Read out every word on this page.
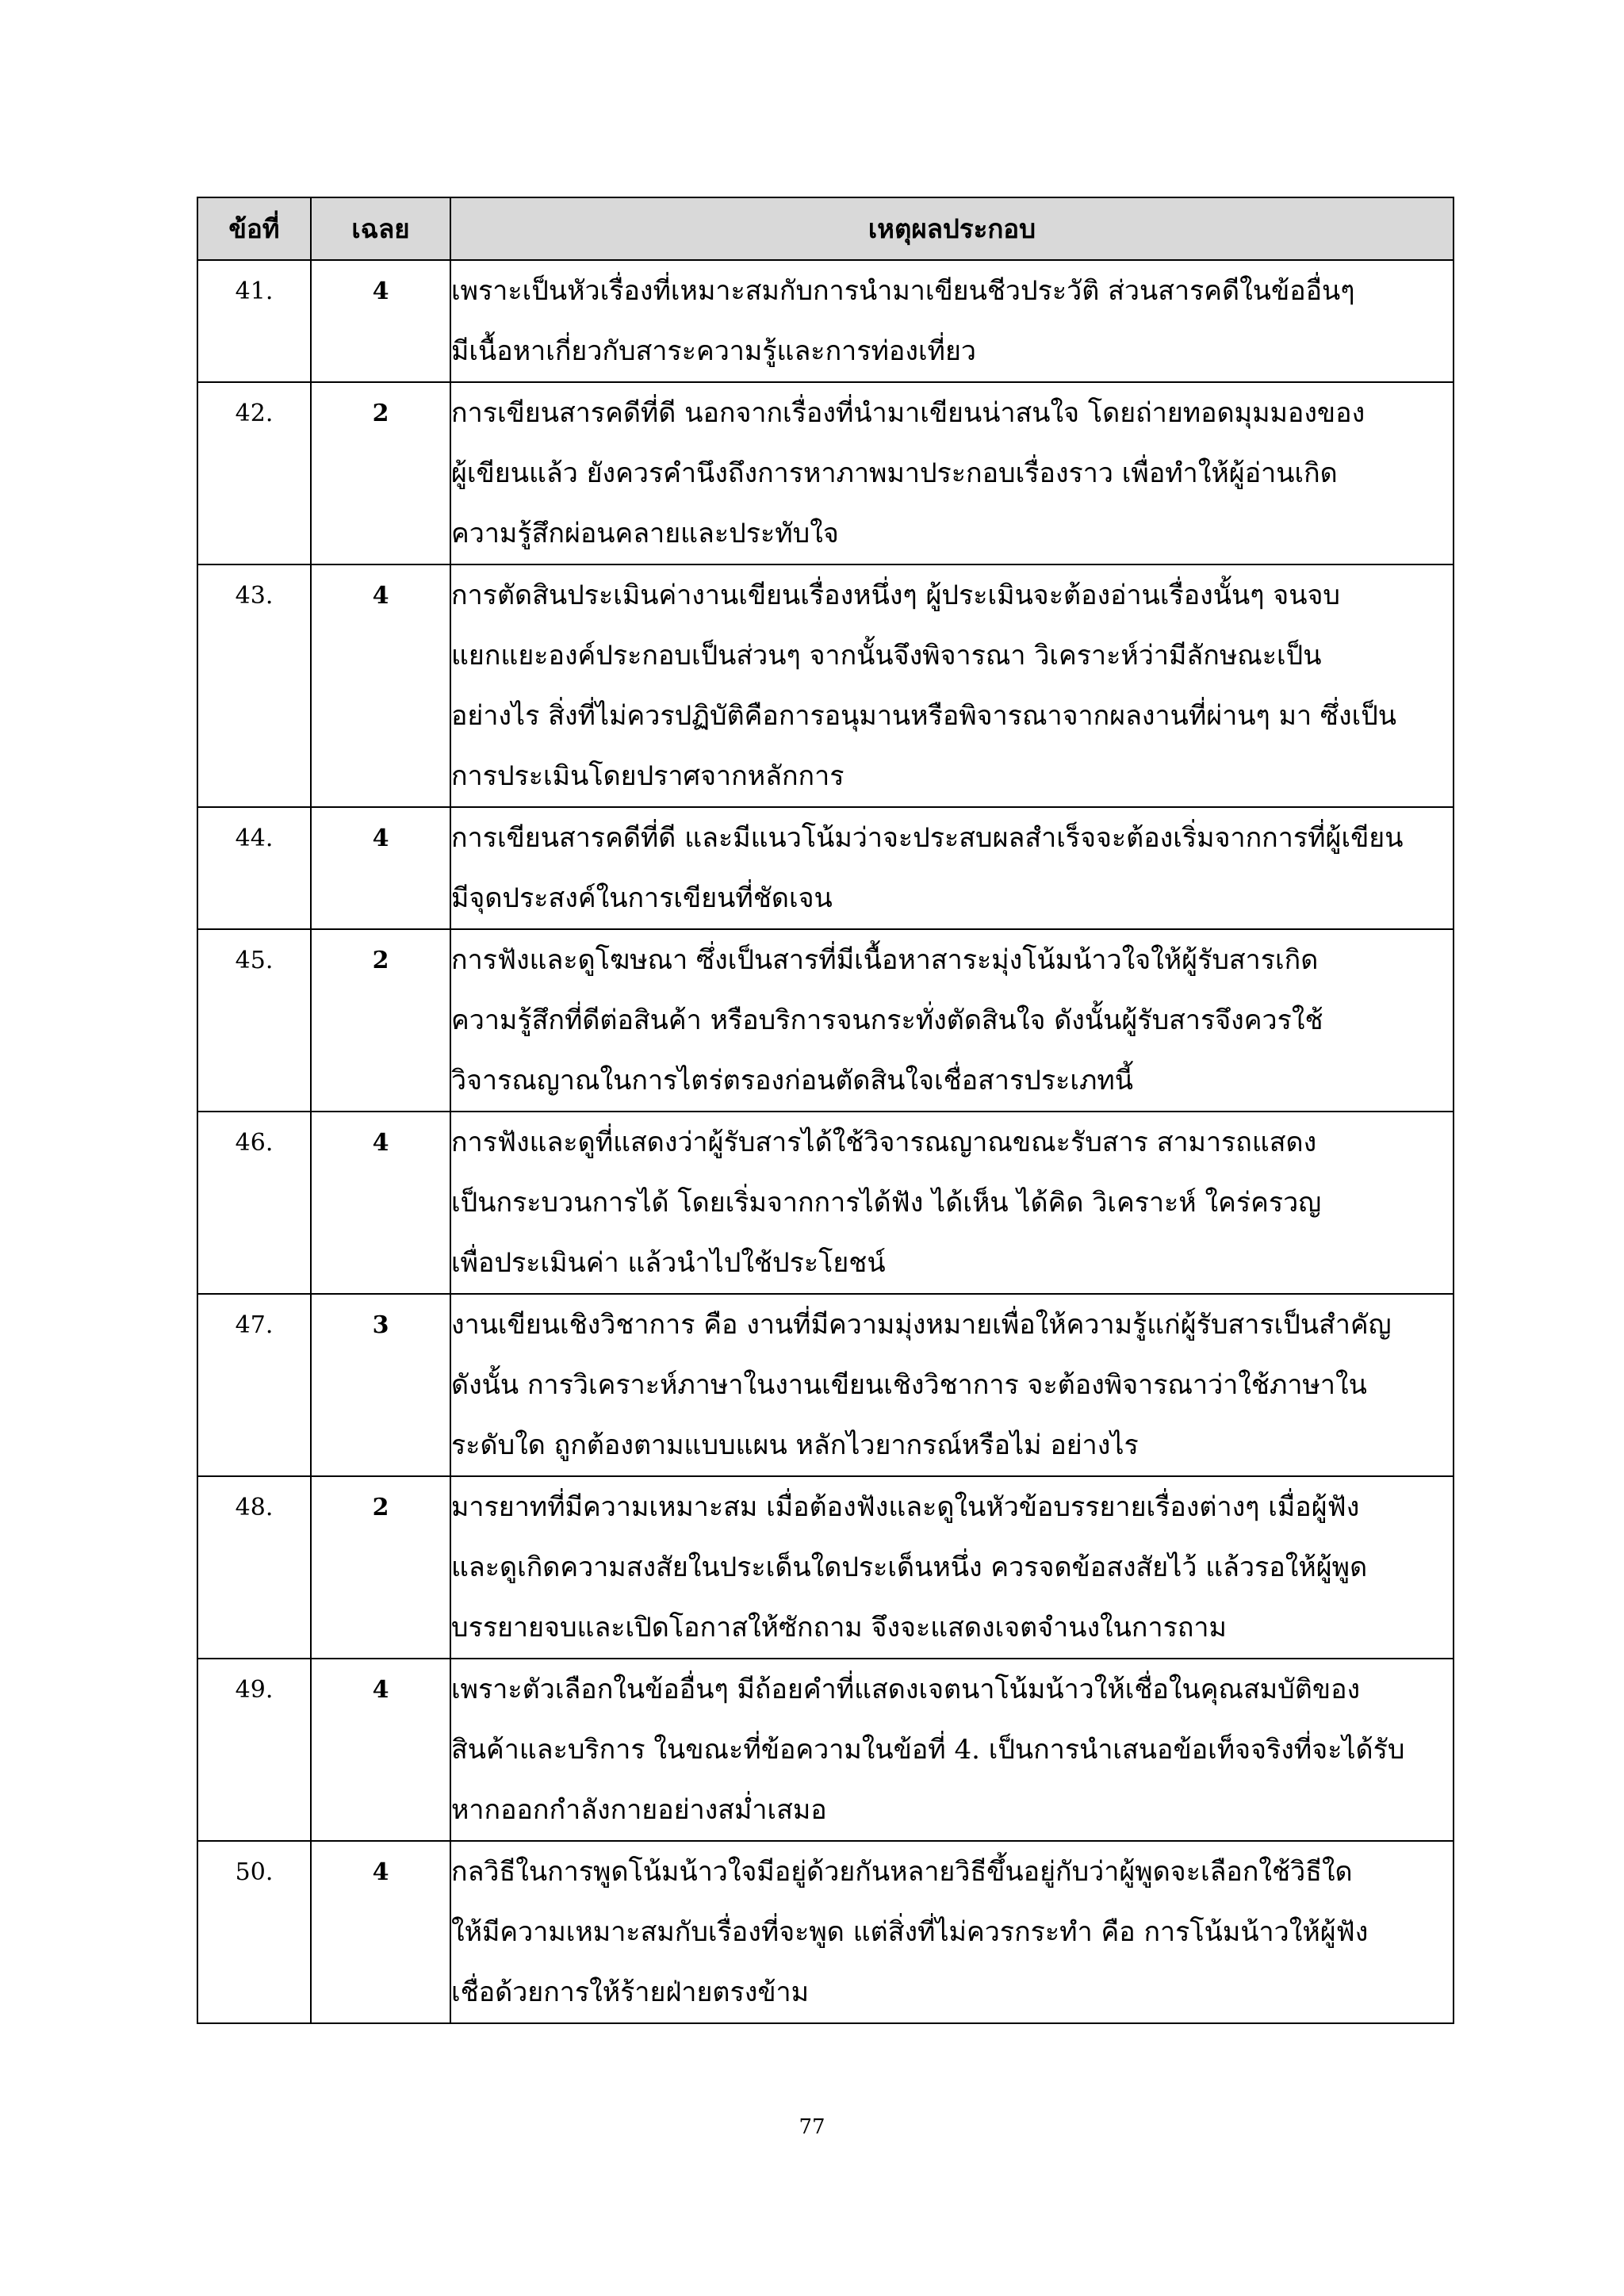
ข้อที่	เฉลย	เหตุผลประกอบ
41.	4	เพราะเป็นหัวเรื่องที่เหมาะสมกับการนำมาเขียนชีวประวัติ ส่วนสารคดีในข้ออื่นๆ
มีเนื้อหาเกี่ยวกับสาระความรู้และการท่องเที่ยว

42.	2	การเขียนสารคดีที่ดี นอกจากเรื่องที่นำมาเขียนน่าสนใจ โดยถ่ายทอดมุมมองของ
ผู้เขียนแล้ว ยังควรคำนึงถึงการหาภาพมาประกอบเรื่องราว เพื่อทำให้ผู้อ่านเกิด
ความรู้สึกผ่อนคลายและประทับใจ

43.	4	การตัดสินประเมินค่างานเขียนเรื่องหนึ่งๆ ผู้ประเมินจะต้องอ่านเรื่องนั้นๆ จนจบ
แยกแยะองค์ประกอบเป็นส่วนๆ จากนั้นจึงพิจารณา วิเคราะห์ว่ามีลักษณะเป็น
อย่างไร สิ่งที่ไม่ควรปฏิบัติคือการอนุมานหรือพิจารณาจากผลงานที่ผ่านๆ มา ซึ่งเป็น
การประเมินโดยปราศจากหลักการ

44.	4	การเขียนสารคดีที่ดี และมีแนวโน้มว่าจะประสบผลสำเร็จจะต้องเริ่มจากการที่ผู้เขียน
มีจุดประสงค์ในการเขียนที่ชัดเจน

45.	2	การฟังและดูโฆษณา ซึ่งเป็นสารที่มีเนื้อหาสาระมุ่งโน้มน้าวใจให้ผู้รับสารเกิด
ความรู้สึกที่ดีต่อสินค้า หรือบริการจนกระทั่งตัดสินใจ ดังนั้นผู้รับสารจึงควรใช้
วิจารณญาณในการไตร่ตรองก่อนตัดสินใจเชื่อสารประเภทนี้

46.	4	การฟังและดูที่แสดงว่าผู้รับสารได้ใช้วิจารณญาณขณะรับสาร สามารถแสดง
เป็นกระบวนการได้ โดยเริ่มจากการได้ฟัง ได้เห็น ได้คิด วิเคราะห์ ใคร่ครวญ
เพื่อประเมินค่า แล้วนำไปใช้ประโยชน์

47.	3	งานเขียนเชิงวิชาการ คือ งานที่มีความมุ่งหมายเพื่อให้ความรู้แก่ผู้รับสารเป็นสำคัญ
ดังนั้น การวิเคราะห์ภาษาในงานเขียนเชิงวิชาการ จะต้องพิจารณาว่าใช้ภาษาใน
ระดับใด ถูกต้องตามแบบแผน หลักไวยากรณ์หรือไม่ อย่างไร

48.	2	มารยาทที่มีความเหมาะสม เมื่อต้องฟังและดูในหัวข้อบรรยายเรื่องต่างๆ เมื่อผู้ฟัง
และดูเกิดความสงสัยในประเด็นใดประเด็นหนึ่ง ควรจดข้อสงสัยไว้ แล้วรอให้ผู้พูด
บรรยายจบและเปิดโอกาสให้ซักถาม จึงจะแสดงเจตจำนงในการถาม

49.	4	เพราะตัวเลือกในข้ออื่นๆ มีถ้อยคำที่แสดงเจตนาโน้มน้าวให้เชื่อในคุณสมบัติของ
สินค้าและบริการ ในขณะที่ข้อความในข้อที่ 4. เป็นการนำเสนอข้อเท็จจริงที่จะได้รับ
หากออกกำลังกายอย่างสม่ำเสมอ

50.	4	กลวิธีในการพูดโน้มน้าวใจมีอยู่ด้วยกันหลายวิธีขึ้นอยู่กับว่าผู้พูดจะเลือกใช้วิธีใด
ให้มีความเหมาะสมกับเรื่องที่จะพูด แต่สิ่งที่ไม่ควรกระทำ คือ การโน้มน้าวให้ผู้ฟัง
เชื่อด้วยการให้ร้ายฝ่ายตรงข้าม
77
